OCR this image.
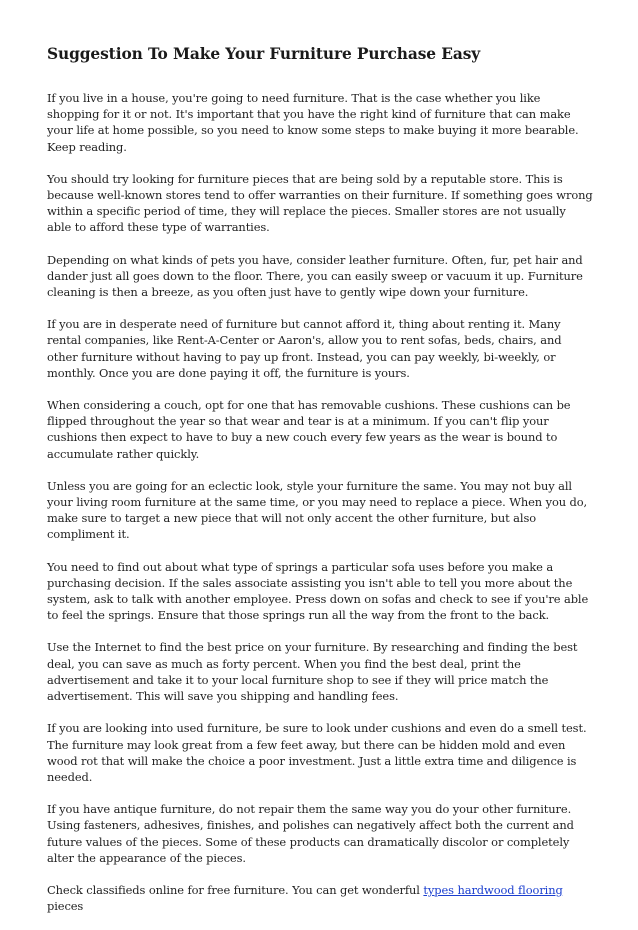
Suggestion To Make Your Furniture Purchase Easy

If you live in a house, you're going to need furniture. That is the case whether you like shopping for it or not. It's important that you have the right kind of furniture that can make your life at home possible, so you need to know some steps to make buying it more bearable. Keep reading.

You should try looking for furniture pieces that are being sold by a reputable store. This is because well-known stores tend to offer warranties on their furniture. If something goes wrong within a specific period of time, they will replace the pieces. Smaller stores are not usually able to afford these type of warranties.

Depending on what kinds of pets you have, consider leather furniture. Often, fur, pet hair and dander just all goes down to the floor. There, you can easily sweep or vacuum it up. Furniture cleaning is then a breeze, as you often just have to gently wipe down your furniture.

If you are in desperate need of furniture but cannot afford it, thing about renting it. Many rental companies, like Rent-A-Center or Aaron's, allow you to rent sofas, beds, chairs, and other furniture without having to pay up front. Instead, you can pay weekly, bi-weekly, or monthly. Once you are done paying it off, the furniture is yours.

When considering a couch, opt for one that has removable cushions. These cushions can be flipped throughout the year so that wear and tear is at a minimum. If you can't flip your cushions then expect to have to buy a new couch every few years as the wear is bound to accumulate rather quickly.

Unless you are going for an eclectic look, style your furniture the same. You may not buy all your living room furniture at the same time, or you may need to replace a piece. When you do, make sure to target a new piece that will not only accent the other furniture, but also compliment it.

You need to find out about what type of springs a particular sofa uses before you make a purchasing decision. If the sales associate assisting you isn't able to tell you more about the system, ask to talk with another employee. Press down on sofas and check to see if you're able to feel the springs. Ensure that those springs run all the way from the front to the back.

Use the Internet to find the best price on your furniture. By researching and finding the best deal, you can save as much as forty percent. When you find the best deal, print the advertisement and take it to your local furniture shop to see if they will price match the advertisement. This will save you shipping and handling fees.

If you are looking into used furniture, be sure to look under cushions and even do a smell test. The furniture may look great from a few feet away, but there can be hidden mold and even wood rot that will make the choice a poor investment. Just a little extra time and diligence is needed.

If you have antique furniture, do not repair them the same way you do your other furniture. Using fasteners, adhesives, finishes, and polishes can negatively affect both the current and future values of the pieces. Some of these products can dramatically discolor or completely alter the appearance of the pieces.

Check classifieds online for free furniture. You can get wonderful types hardwood flooring pieces
